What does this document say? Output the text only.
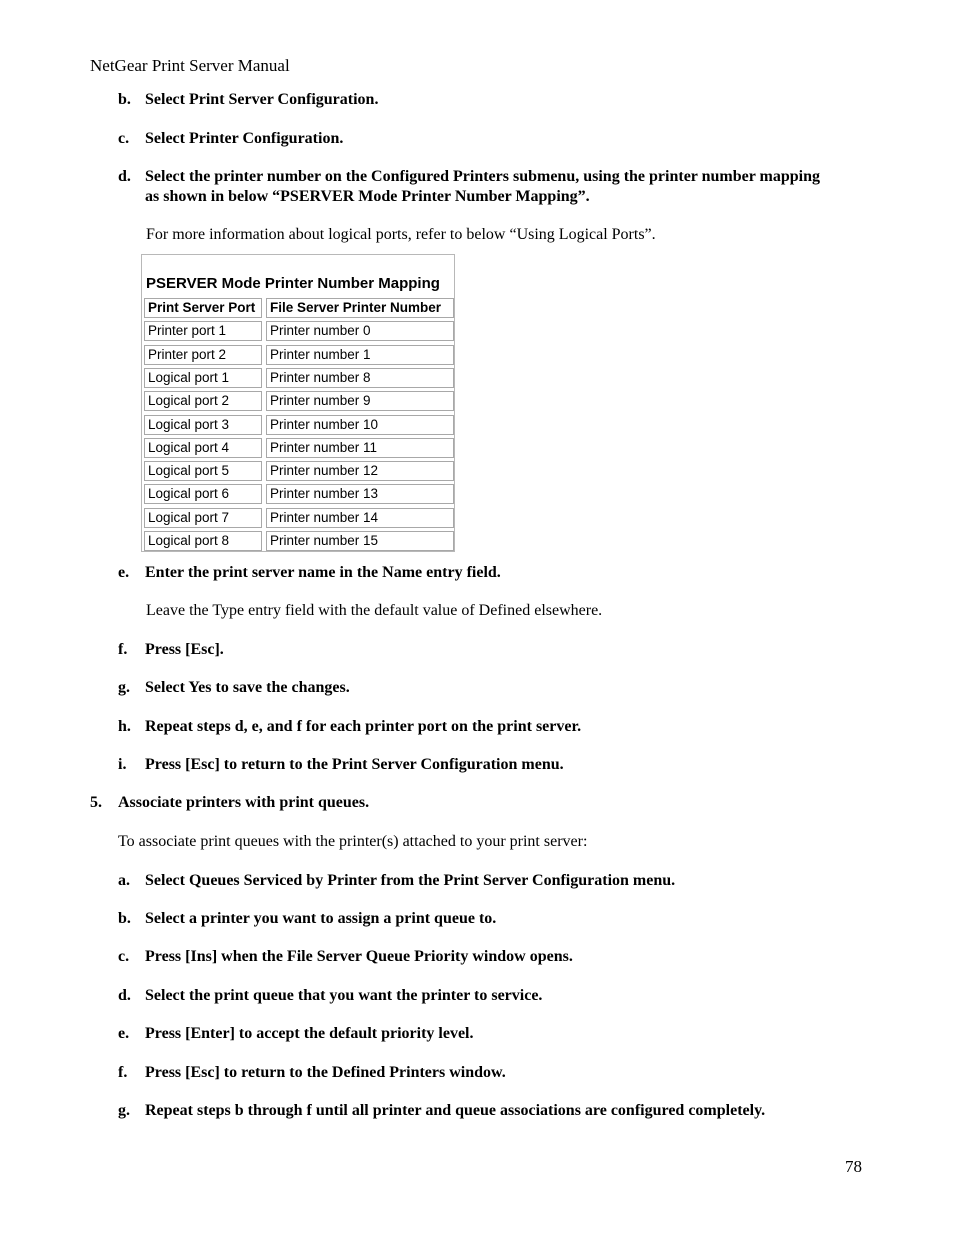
NetGear Print Server Manual
b. Select Print Server Configuration.
c. Select Printer Configuration.
d. Select the printer number on the Configured Printers submenu, using the printer number mapping as shown in below “PSERVER Mode Printer Number Mapping”.
For more information about logical ports, refer to below “Using Logical Ports”.
PSERVER Mode Printer Number Mapping
Print Server Port	File Server Printer Number
Printer port 1	Printer number 0
Printer port 2	Printer number 1
Logical port 1	Printer number 8
Logical port 2	Printer number 9
Logical port 3	Printer number 10
Logical port 4	Printer number 11
Logical port 5	Printer number 12
Logical port 6	Printer number 13
Logical port 7	Printer number 14
Logical port 8	Printer number 15
e. Enter the print server name in the Name entry field.
Leave the Type entry field with the default value of Defined elsewhere.
f. Press [Esc].
g. Select Yes to save the changes.
h. Repeat steps d, e, and f for each printer port on the print server.
i. Press [Esc] to return to the Print Server Configuration menu.
5. Associate printers with print queues.
To associate print queues with the printer(s) attached to your print server:
a. Select Queues Serviced by Printer from the Print Server Configuration menu.
b. Select a printer you want to assign a print queue to.
c. Press [Ins] when the File Server Queue Priority window opens.
d. Select the print queue that you want the printer to service.
e. Press [Enter] to accept the default priority level.
f. Press [Esc] to return to the Defined Printers window.
g. Repeat steps b through f until all printer and queue associations are configured completely.
78
